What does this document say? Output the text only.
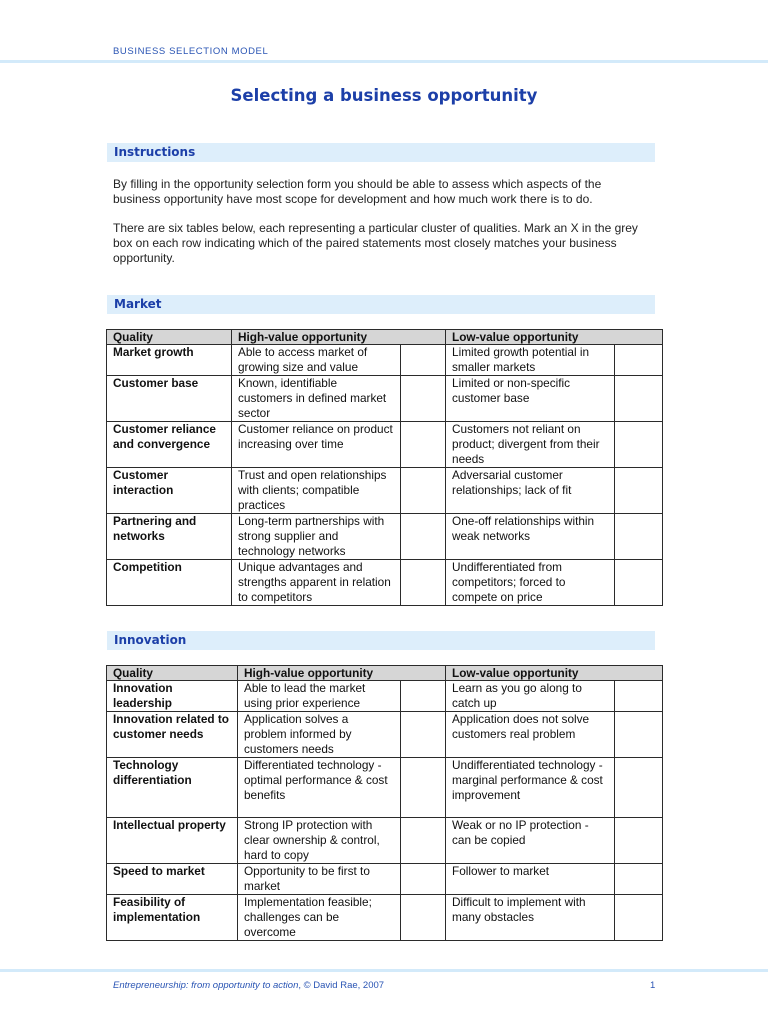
BUSINESS SELECTION MODEL
Selecting a business opportunity
Instructions

By filling in the opportunity selection form you should be able to assess which aspects of the business opportunity have most scope for development and how much work there is to do.

There are six tables below, each representing a particular cluster of qualities. Mark an X in the grey box on each row indicating which of the paired statements most closely matches your business opportunity.

Market
Quality	High-value opportunity		Low-value opportunity	
Market growth	Able to access market of growing size and value		Limited growth potential in smaller markets	

Customer base	Known, identifiable customers in defined market sector		Limited or non-specific customer base	

Customer reliance and convergence	Customer reliance on product increasing over time		Customers not reliant on product; divergent from their needs	

Customer interaction	Trust and open relationships with clients; compatible practices		Adversarial customer relationships; lack of fit	

Partnering and networks	Long-term partnerships with strong supplier and technology networks		One-off relationships within weak networks	

Competition	Unique advantages and strengths apparent in relation to competitors		Undifferentiated from competitors; forced to compete on price	
Innovation
Quality	High-value opportunity		Low-value opportunity	
Innovation leadership	Able to lead the market using prior experience		Learn as you go along to catch up	

Innovation related to customer needs	Application solves a problem informed by customers needs		Application does not solve customers real problem	

Technology differentiation	Differentiated technology - optimal performance & cost benefits		Undifferentiated technology - marginal performance & cost improvement	

Intellectual property	Strong IP protection with clear ownership & control, hard to copy		Weak or no IP protection - can be copied	

Speed to market	Opportunity to be first to market		Follower to market	

Feasibility of implementation	Implementation feasible; challenges can be overcome		Difficult to implement with many obstacles	
Entrepreneurship: from opportunity to action, © David Rae, 2007	1
